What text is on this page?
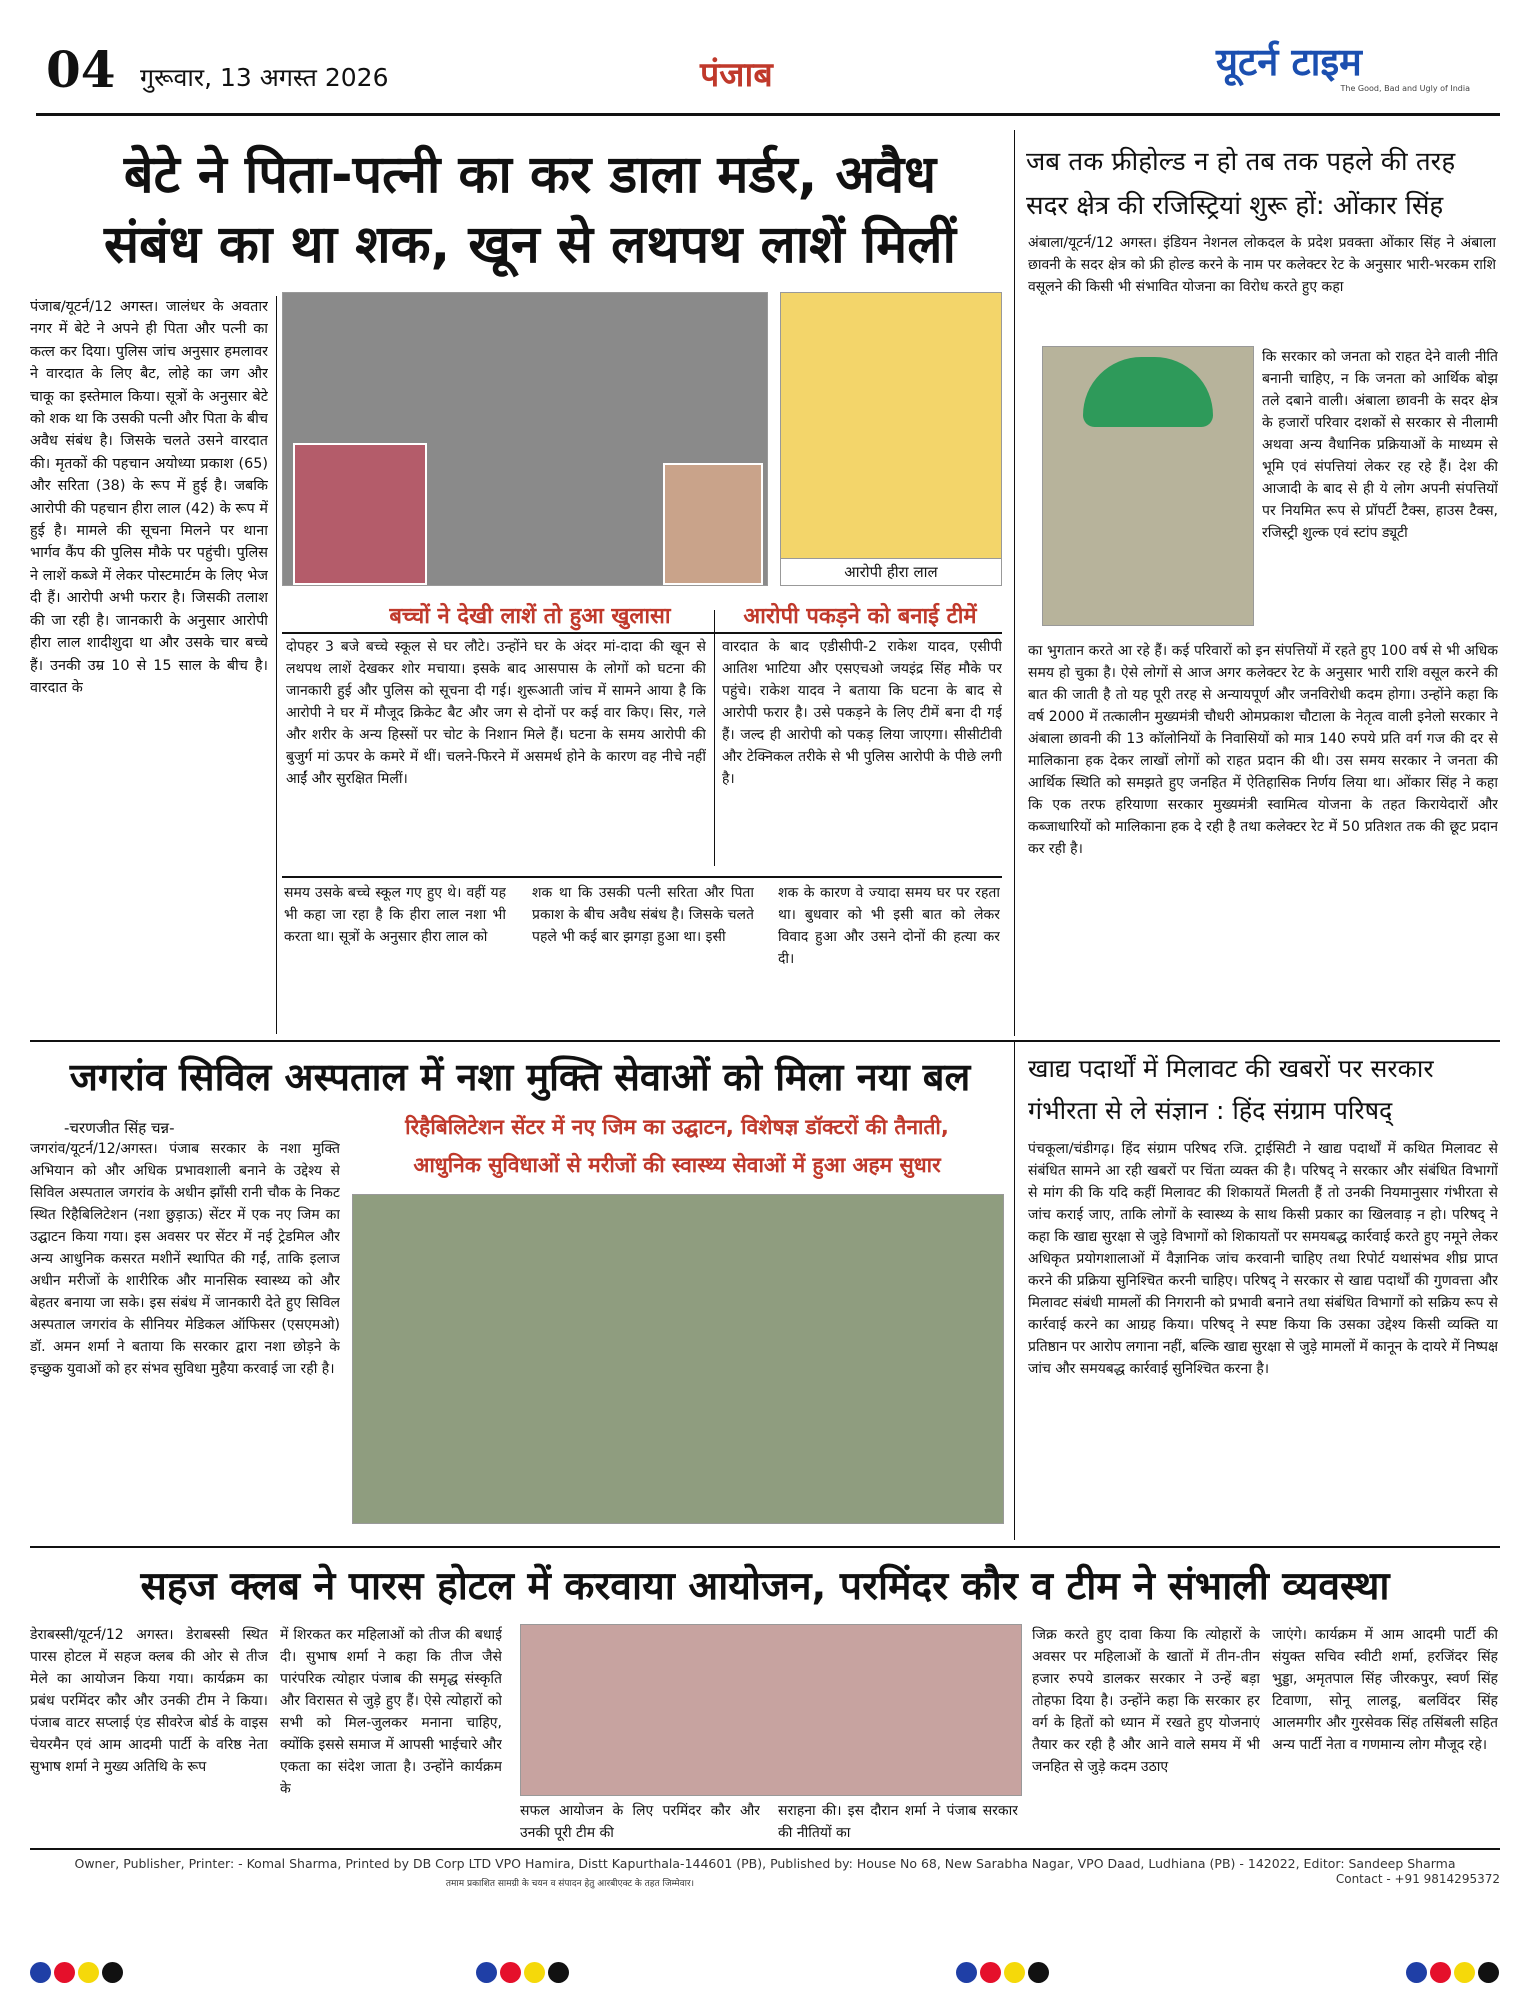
04 गुरूवार, 13 अगस्त 2026	पंजाब	यूटर्न टाइम
The Good, Bad and Ugly of India
बेटे ने पिता-पत्नी का कर डाला मर्डर, अवैध
संबंध का था शक, खून से लथपथ लाशें मिलीं

पंजाब/यूटर्न/12 अगस्त। जालंधर के अवतार नगर में बेटे ने अपने ही पिता और पत्नी का कत्ल कर दिया। पुलिस जांच अनुसार हमलावर ने वारदात के लिए बैट, लोहे का जग और चाकू का इस्तेमाल किया। सूत्रों के अनुसार बेटे को शक था कि उसकी पत्नी और पिता के बीच अवैध संबंध है। जिसके चलते उसने वारदात की। मृतकों की पहचान अयोध्या प्रकाश (65) और सरिता (38) के रूप में हुई है। जबकि आरोपी की पहचान हीरा लाल (42) के रूप में हुई है। मामले की सूचना मिलने पर थाना भार्गव कैंप की पुलिस मौके पर पहुंची। पुलिस ने लाशें कब्जे में लेकर पोस्टमार्टम के लिए भेज दी हैं। आरोपी अभी फरार है। जिसकी तलाश की जा रही है। जानकारी के अनुसार आरोपी हीरा लाल शादीशुदा था और उसके चार बच्चे हैं। उनकी उम्र 10 से 15 साल के बीच है। वारदात के

आरोपी हीरा लाल
बच्चों ने देखी लाशें तो हुआ खुलासा	आरोपी पकड़ने को बनाई टीमें

दोपहर 3 बजे बच्चे स्कूल से घर लौटे। उन्होंने घर के अंदर मां-दादा की खून से लथपथ लाशें देखकर शोर मचाया। इसके बाद आसपास के लोगों को घटना की जानकारी हुई और पुलिस को सूचना दी गई। शुरूआती जांच में सामने आया है कि आरोपी ने घर में मौजूद क्रिकेट बैट और जग से दोनों पर कई वार किए। सिर, गले और शरीर के अन्य हिस्सों पर चोट के निशान मिले हैं। घटना के समय आरोपी की बुजुर्ग मां ऊपर के कमरे में थीं। चलने-फिरने में असमर्थ होने के कारण वह नीचे नहीं आईं और सुरक्षित मिलीं।

वारदात के बाद एडीसीपी-2 राकेश यादव, एसीपी आतिश भाटिया और एसएचओ जयइंद्र सिंह मौके पर पहुंचे। राकेश यादव ने बताया कि घटना के बाद से आरोपी फरार है। उसे पकड़ने के लिए टीमें बना दी गई हैं। जल्द ही आरोपी को पकड़ लिया जाएगा। सीसीटीवी और टेक्निकल तरीके से भी पुलिस आरोपी के पीछे लगी है।

समय उसके बच्चे स्कूल गए हुए थे। वहीं यह भी कहा जा रहा है कि हीरा लाल नशा भी करता था। सूत्रों के अनुसार हीरा लाल को

शक था कि उसकी पत्नी सरिता और पिता प्रकाश के बीच अवैध संबंध है। जिसके चलते पहले भी कई बार झगड़ा हुआ था। इसी

शक के कारण वे ज्यादा समय घर पर रहता था। बुधवार को भी इसी बात को लेकर विवाद हुआ और उसने दोनों की हत्या कर दी।

जब तक फ्रीहोल्ड न हो तब तक पहले की तरह
सदर क्षेत्र की रजिस्ट्रियां शुरू हों: ओंकार सिंह

अंबाला/यूटर्न/12 अगस्त। इंडियन नेशनल लोकदल के प्रदेश प्रवक्ता ओंकार सिंह ने अंबाला छावनी के सदर क्षेत्र को फ्री होल्ड करने के नाम पर कलेक्टर रेट के अनुसार भारी-भरकम राशि वसूलने की किसी भी संभावित योजना का विरोध करते हुए कहा

कि सरकार को जनता को राहत देने वाली नीति बनानी चाहिए, न कि जनता को आर्थिक बोझ तले दबाने वाली। अंबाला छावनी के सदर क्षेत्र के हजारों परिवार दशकों से सरकार से नीलामी अथवा अन्य वैधानिक प्रक्रियाओं के माध्यम से भूमि एवं संपत्तियां लेकर रह रहे हैं। देश की आजादी के बाद से ही ये लोग अपनी संपत्तियों पर नियमित रूप से प्रॉपर्टी टैक्स, हाउस टैक्स, रजिस्ट्री शुल्क एवं स्टांप ड्यूटी

का भुगतान करते आ रहे हैं। कई परिवारों को इन संपत्तियों में रहते हुए 100 वर्ष से भी अधिक समय हो चुका है। ऐसे लोगों से आज अगर कलेक्टर रेट के अनुसार भारी राशि वसूल करने की बात की जाती है तो यह पूरी तरह से अन्यायपूर्ण और जनविरोधी कदम होगा। उन्होंने कहा कि वर्ष 2000 में तत्कालीन मुख्यमंत्री चौधरी ओमप्रकाश चौटाला के नेतृत्व वाली इनेलो सरकार ने अंबाला छावनी की 13 कॉलोनियों के निवासियों को मात्र 140 रुपये प्रति वर्ग गज की दर से मालिकाना हक देकर लाखों लोगों को राहत प्रदान की थी। उस समय सरकार ने जनता की आर्थिक स्थिति को समझते हुए जनहित में ऐतिहासिक निर्णय लिया था। ओंकार सिंह ने कहा कि एक तरफ हरियाणा सरकार मुख्यमंत्री स्वामित्व योजना के तहत किरायेदारों और कब्जाधारियों को मालिकाना हक दे रही है तथा कलेक्टर रेट में 50 प्रतिशत तक की छूट प्रदान कर रही है।

जगरांव सिविल अस्पताल में नशा मुक्ति सेवाओं को मिला नया बल
-चरणजीत सिंह चन्न-

जगरांव/यूटर्न/12/अगस्त। पंजाब सरकार के नशा मुक्ति अभियान को और अधिक प्रभावशाली बनाने के उद्देश्य से सिविल अस्पताल जगरांव के अधीन झाँसी रानी चौक के निकट स्थित रिहैबिलिटेशन (नशा छुड़ाऊ) सेंटर में एक नए जिम का उद्घाटन किया गया। इस अवसर पर सेंटर में नई ट्रेडमिल और अन्य आधुनिक कसरत मशीनें स्थापित की गईं, ताकि इलाज अधीन मरीजों के शारीरिक और मानसिक स्वास्थ्य को और बेहतर बनाया जा सके। इस संबंध में जानकारी देते हुए सिविल अस्पताल जगरांव के सीनियर मेडिकल ऑफिसर (एसएमओ) डॉ. अमन शर्मा ने बताया कि सरकार द्वारा नशा छोड़ने के इच्छुक युवाओं को हर संभव सुविधा मुहैया करवाई जा रही है।

रिहैबिलिटेशन सेंटर में नए जिम का उद्घाटन, विशेषज्ञ डॉक्टरों की तैनाती,
आधुनिक सुविधाओं से मरीजों की स्वास्थ्य सेवाओं में हुआ अहम सुधार
खाद्य पदार्थों में मिलावट की खबरों पर सरकार
गंभीरता से ले संज्ञान : हिंद संग्राम परिषद्

पंचकूला/चंडीगढ़। हिंद संग्राम परिषद रजि. ट्राईसिटी ने खाद्य पदार्थों में कथित मिलावट से संबंधित सामने आ रही खबरों पर चिंता व्यक्त की है। परिषद् ने सरकार और संबंधित विभागों से मांग की कि यदि कहीं मिलावट की शिकायतें मिलती हैं तो उनकी नियमानुसार गंभीरता से जांच कराई जाए, ताकि लोगों के स्वास्थ्य के साथ किसी प्रकार का खिलवाड़ न हो। परिषद् ने कहा कि खाद्य सुरक्षा से जुड़े विभागों को शिकायतों पर समयबद्ध कार्रवाई करते हुए नमूने लेकर अधिकृत प्रयोगशालाओं में वैज्ञानिक जांच करवानी चाहिए तथा रिपोर्ट यथासंभव शीघ्र प्राप्त करने की प्रक्रिया सुनिश्चित करनी चाहिए। परिषद् ने सरकार से खाद्य पदार्थों की गुणवत्ता और मिलावट संबंधी मामलों की निगरानी को प्रभावी बनाने तथा संबंधित विभागों को सक्रिय रूप से कार्रवाई करने का आग्रह किया। परिषद् ने स्पष्ट किया कि उसका उद्देश्य किसी व्यक्ति या प्रतिष्ठान पर आरोप लगाना नहीं, बल्कि खाद्य सुरक्षा से जुड़े मामलों में कानून के दायरे में निष्पक्ष जांच और समयबद्ध कार्रवाई सुनिश्चित करना है।

सहज क्लब ने पारस होटल में करवाया आयोजन, परमिंदर कौर व टीम ने संभाली व्यवस्था

डेराबस्सी/यूटर्न/12 अगस्त। डेराबस्सी स्थित पारस होटल में सहज क्लब की ओर से तीज मेले का आयोजन किया गया। कार्यक्रम का प्रबंध परमिंदर कौर और उनकी टीम ने किया। पंजाब वाटर सप्लाई एंड सीवरेज बोर्ड के वाइस चेयरमैन एवं आम आदमी पार्टी के वरिष्ठ नेता सुभाष शर्मा ने मुख्य अतिथि के रूप

में शिरकत कर महिलाओं को तीज की बधाई दी। सुभाष शर्मा ने कहा कि तीज जैसे पारंपरिक त्योहार पंजाब की समृद्ध संस्कृति और विरासत से जुड़े हुए हैं। ऐसे त्योहारों को सभी को मिल-जुलकर मनाना चाहिए, क्योंकि इससे समाज में आपसी भाईचारे और एकता का संदेश जाता है। उन्होंने कार्यक्रम के

सफल आयोजन के लिए परमिंदर कौर और उनकी पूरी टीम की

सराहना की। इस दौरान शर्मा ने पंजाब सरकार की नीतियों का

जिक्र करते हुए दावा किया कि त्योहारों के अवसर पर महिलाओं के खातों में तीन-तीन हजार रुपये डालकर सरकार ने उन्हें बड़ा तोहफा दिया है। उन्होंने कहा कि सरकार हर वर्ग के हितों को ध्यान में रखते हुए योजनाएं तैयार कर रही है और आने वाले समय में भी जनहित से जुड़े कदम उठाए

जाएंगे। कार्यक्रम में आम आदमी पार्टी की संयुक्त सचिव स्वीटी शर्मा, हरजिंदर सिंह भुड्डा, अमृतपाल सिंह जीरकपुर, स्वर्ण सिंह टिवाणा, सोनू लालडू, बलविंदर सिंह आलमगीर और गुरसेवक सिंह तसिंबली सहित अन्य पार्टी नेता व गणमान्य लोग मौजूद रहे।

Owner, Publisher, Printer: - Komal Sharma, Printed by DB Corp LTD VPO Hamira, Distt Kapurthala-144601 (PB), Published by: House No 68, New Sarabha Nagar, VPO Daad, Ludhiana (PB) - 142022, Editor: Sandeep Sharma
तमाम प्रकाशित सामग्री के चयन व संपादन हेतु आरबीएक्ट के तहत जिम्मेवार।	Contact - +91 9814295372
